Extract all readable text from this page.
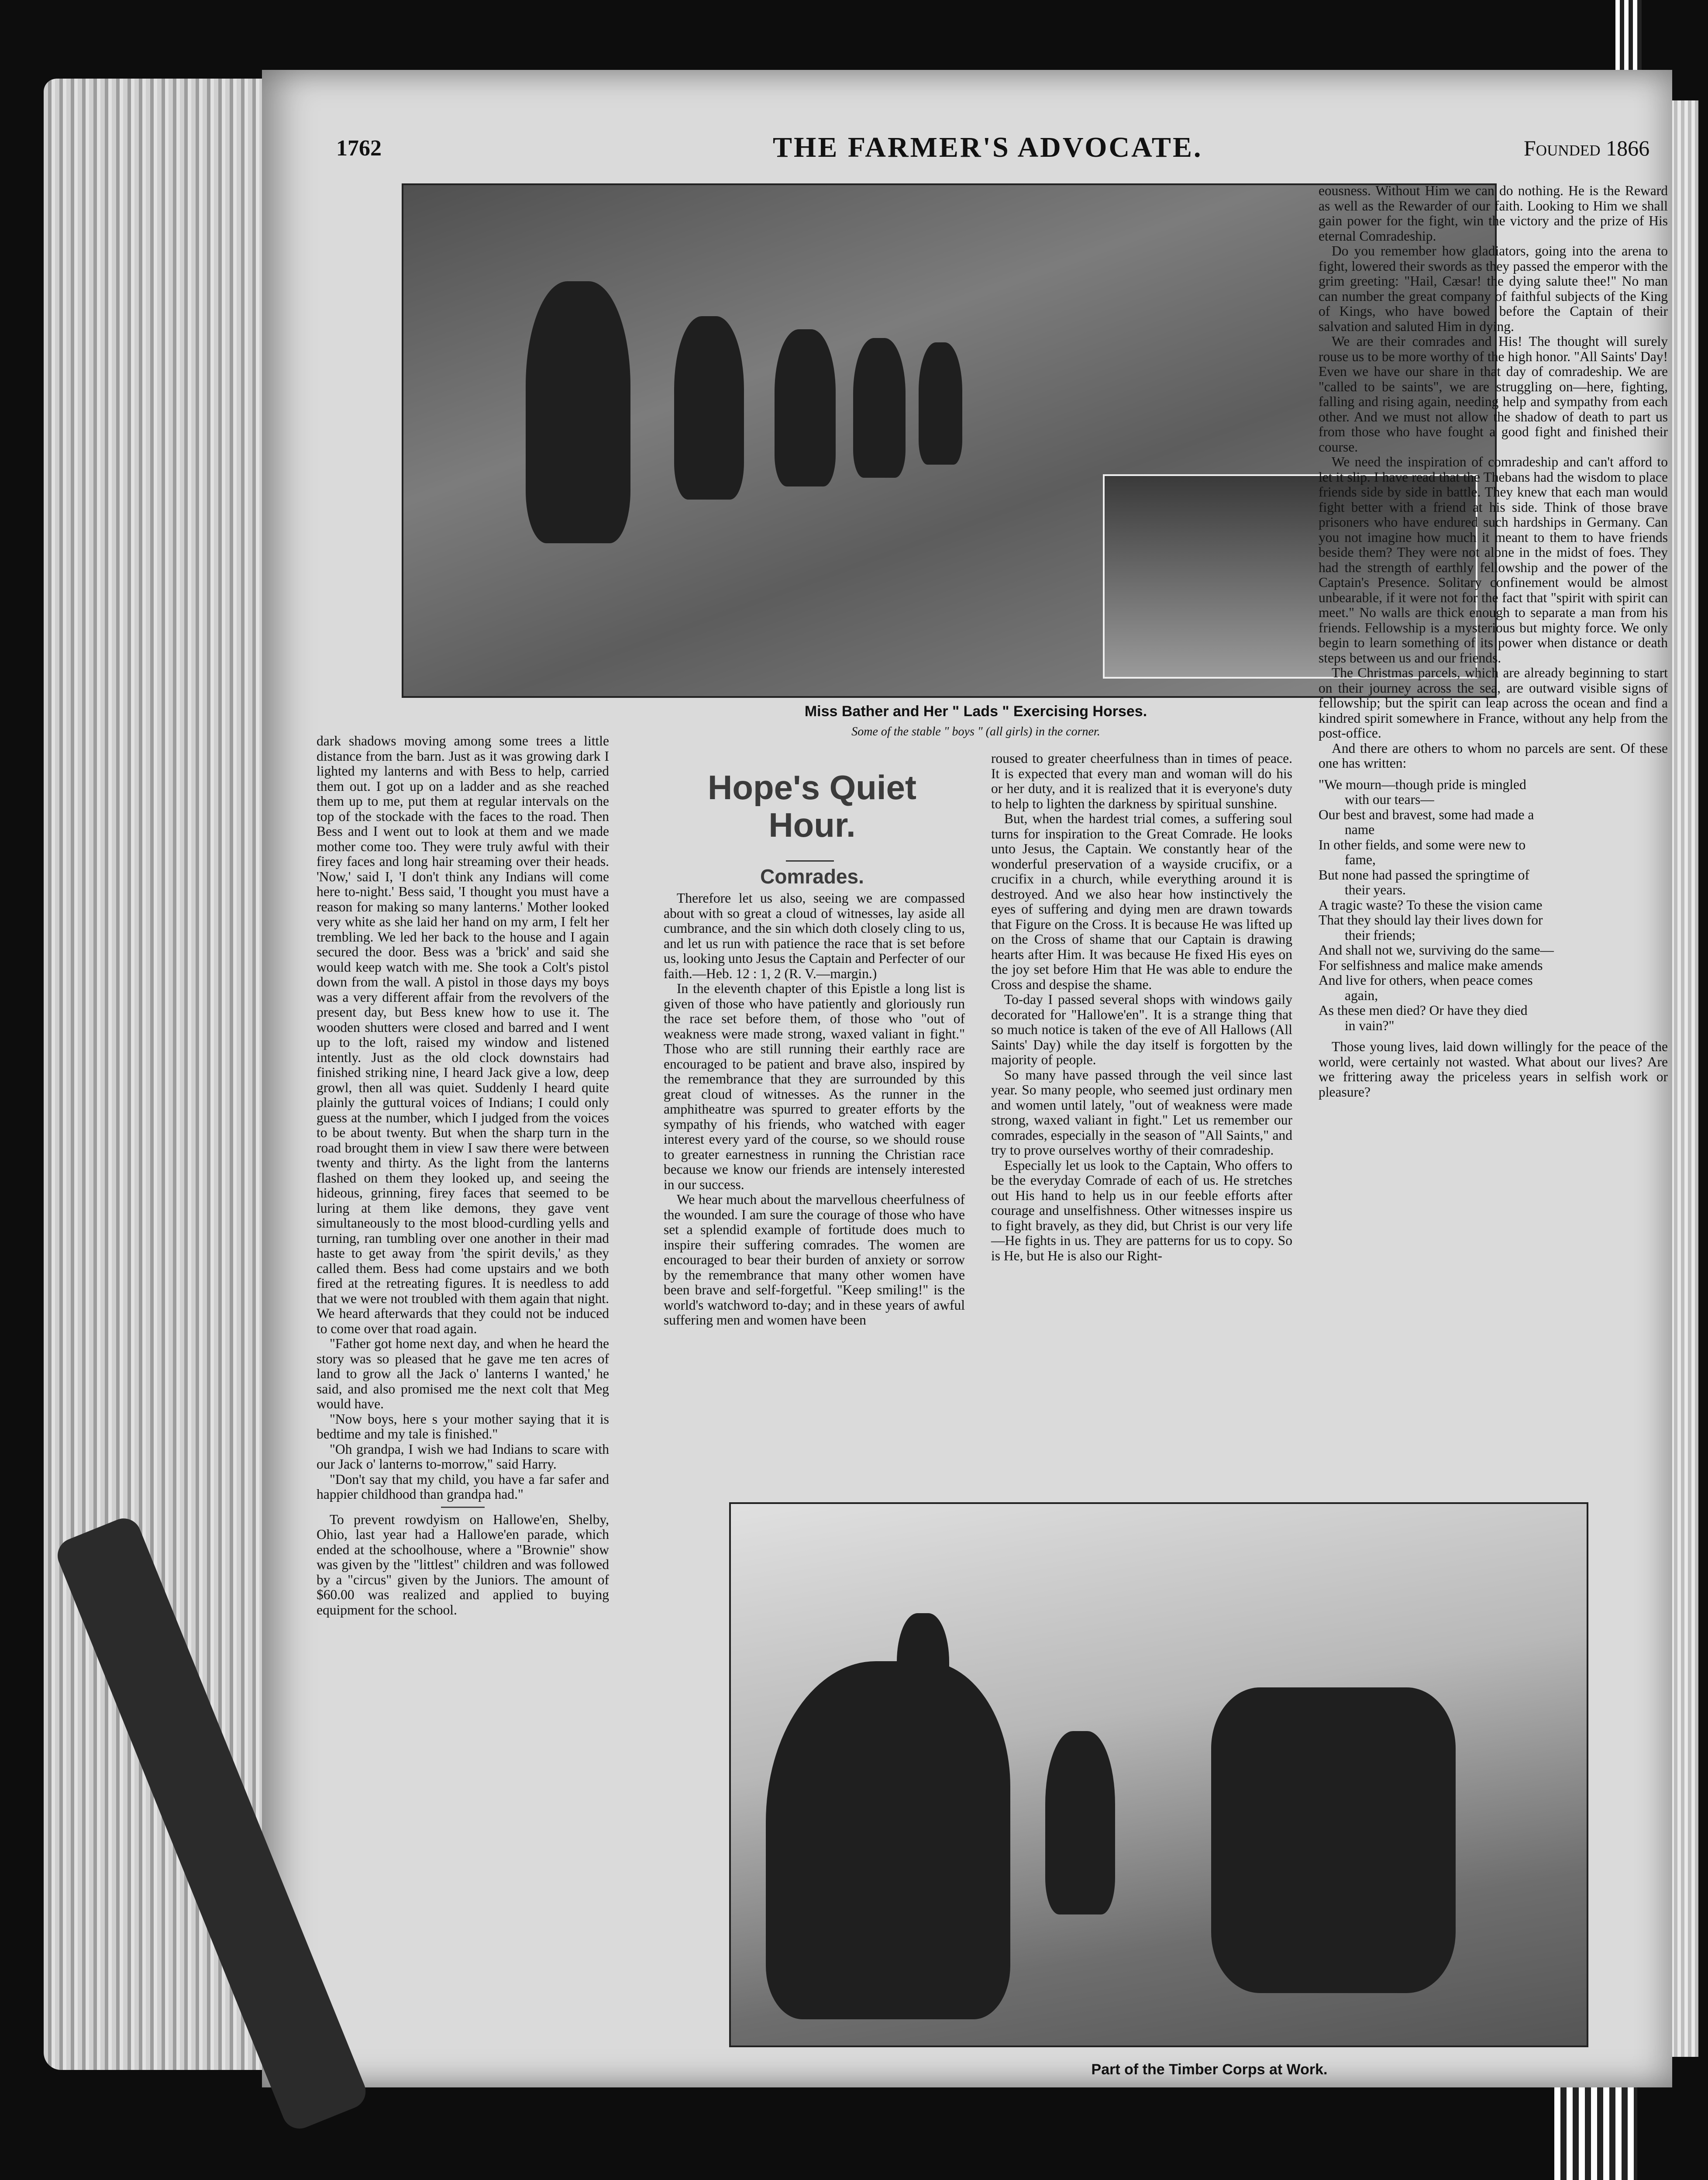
1762	THE FARMER'S ADVOCATE.	Founded 1866
Miss Bather and Her " Lads " Exercising Horses.
Some of the stable " boys " (all girls) in the corner.

dark shadows moving among some trees a little distance from the barn. Just as it was growing dark I lighted my lanterns and with Bess to help, carried them out. I got up on a ladder and as she reached them up to me, put them at regular intervals on the top of the stockade with the faces to the road. Then Bess and I went out to look at them and we made mother come too. They were truly awful with their firey faces and long hair streaming over their heads. 'Now,' said I, 'I don't think any Indians will come here to-night.' Bess said, 'I thought you must have a reason for making so many lanterns.' Mother looked very white as she laid her hand on my arm, I felt her trembling. We led her back to the house and I again secured the door. Bess was a 'brick' and said she would keep watch with me. She took a Colt's pistol down from the wall. A pistol in those days my boys was a very different affair from the revolvers of the present day, but Bess knew how to use it. The wooden shutters were closed and barred and I went up to the loft, raised my window and listened intently. Just as the old clock downstairs had finished striking nine, I heard Jack give a low, deep growl, then all was quiet. Suddenly I heard quite plainly the guttural voices of Indians; I could only guess at the number, which I judged from the voices to be about twenty. But when the sharp turn in the road brought them in view I saw there were between twenty and thirty. As the light from the lanterns flashed on them they looked up, and seeing the hideous, grinning, firey faces that seemed to be luring at them like demons, they gave vent simultaneously to the most blood-curdling yells and turning, ran tumbling over one another in their mad haste to get away from 'the spirit devils,' as they called them. Bess had come upstairs and we both fired at the retreating figures. It is needless to add that we were not troubled with them again that night. We heard afterwards that they could not be induced to come over that road again.

"Father got home next day, and when he heard the story was so pleased that he gave me ten acres of land to grow all the Jack o' lanterns I wanted,' he said, and also promised me the next colt that Meg would have.

"Now boys, here s your mother saying that it is bedtime and my tale is finished."

"Oh grandpa, I wish we had Indians to scare with our Jack o' lanterns to-morrow," said Harry.

"Don't say that my child, you have a far safer and happier childhood than grandpa had."

To prevent rowdyism on Hallowe'en, Shelby, Ohio, last year had a Hallowe'en parade, which ended at the schoolhouse, where a "Brownie" show was given by the "littlest" children and was followed by a "circus" given by the Juniors. The amount of $60.00 was realized and applied to buying equipment for the school.

Hope's Quiet Hour.
Comrades.

Therefore let us also, seeing we are compassed about with so great a cloud of witnesses, lay aside all cumbrance, and the sin which doth closely cling to us, and let us run with patience the race that is set before us, looking unto Jesus the Captain and Perfecter of our faith.—Heb. 12 : 1, 2 (R. V.—margin.)

In the eleventh chapter of this Epistle a long list is given of those who have patiently and gloriously run the race set before them, of those who "out of weakness were made strong, waxed valiant in fight." Those who are still running their earthly race are encouraged to be patient and brave also, inspired by the remembrance that they are surrounded by this great cloud of witnesses. As the runner in the amphitheatre was spurred to greater efforts by the sympathy of his friends, who watched with eager interest every yard of the course, so we should rouse to greater earnestness in running the Christian race because we know our friends are intensely interested in our success.

We hear much about the marvellous cheerfulness of the wounded. I am sure the courage of those who have set a splendid example of fortitude does much to inspire their suffering comrades. The women are encouraged to bear their burden of anxiety or sorrow by the remembrance that many other women have been brave and self-forgetful. "Keep smiling!" is the world's watchword to-day; and in these years of awful suffering men and women have been

roused to greater cheerfulness than in times of peace. It is expected that every man and woman will do his or her duty, and it is realized that it is everyone's duty to help to lighten the darkness by spiritual sunshine.

But, when the hardest trial comes, a suffering soul turns for inspiration to the Great Comrade. He looks unto Jesus, the Captain. We constantly hear of the wonderful preservation of a wayside crucifix, or a crucifix in a church, while everything around it is destroyed. And we also hear how instinctively the eyes of suffering and dying men are drawn towards that Figure on the Cross. It is because He was lifted up on the Cross of shame that our Captain is drawing hearts after Him. It was because He fixed His eyes on the joy set before Him that He was able to endure the Cross and despise the shame.

To-day I passed several shops with windows gaily decorated for "Hallowe'en". It is a strange thing that so much notice is taken of the eve of All Hallows (All Saints' Day) while the day itself is forgotten by the majority of people.

So many have passed through the veil since last year. So many people, who seemed just ordinary men and women until lately, "out of weakness were made strong, waxed valiant in fight." Let us remember our comrades, especially in the season of "All Saints," and try to prove ourselves worthy of their comradeship.

Especially let us look to the Captain, Who offers to be the everyday Comrade of each of us. He stretches out His hand to help us in our feeble efforts after courage and unselfishness. Other witnesses inspire us to fight bravely, as they did, but Christ is our very life—He fights in us. They are patterns for us to copy. So is He, but He is also our Right-

eousness. Without Him we can do nothing. He is the Reward as well as the Rewarder of our faith. Looking to Him we shall gain power for the fight, win the victory and the prize of His eternal Comradeship.

Do you remember how gladiators, going into the arena to fight, lowered their swords as they passed the emperor with the grim greeting: "Hail, Cæsar! the dying salute thee!" No man can number the great company of faithful subjects of the King of Kings, who have bowed before the Captain of their salvation and saluted Him in dying.

We are their comrades and His! The thought will surely rouse us to be more worthy of the high honor. "All Saints' Day! Even we have our share in that day of comradeship. We are "called to be saints", we are struggling on—here, fighting, falling and rising again, needing help and sympathy from each other. And we must not allow the shadow of death to part us from those who have fought a good fight and finished their course.

We need the inspiration of comradeship and can't afford to let it slip. I have read that the Thebans had the wisdom to place friends side by side in battle. They knew that each man would fight better with a friend at his side. Think of those brave prisoners who have endured such hardships in Germany. Can you not imagine how much it meant to them to have friends beside them? They were not alone in the midst of foes. They had the strength of earthly fellowship and the power of the Captain's Presence. Solitary confinement would be almost unbearable, if it were not for the fact that "spirit with spirit can meet." No walls are thick enough to separate a man from his friends. Fellowship is a mysterious but mighty force. We only begin to learn something of its power when distance or death steps between us and our friends.

The Christmas parcels, which are already beginning to start on their journey across the sea, are outward visible signs of fellowship; but the spirit can leap across the ocean and find a kindred spirit somewhere in France, without any help from the post-office.

And there are others to whom no parcels are sent. Of these one has written:

"We mourn—though pride is mingled
with our tears—
Our best and bravest, some had made a
name
In other fields, and some were new to
fame,
But none had passed the springtime of
their years.
A tragic waste? To these the vision came
That they should lay their lives down for
their friends;
And shall not we, surviving do the same—
For selfishness and malice make amends
And live for others, when peace comes
again,
As these men died? Or have they died
in vain?"

Those young lives, laid down willingly for the peace of the world, were certainly not wasted. What about our lives? Are we frittering away the priceless years in selfish work or pleasure?

Part of the Timber Corps at Work.
